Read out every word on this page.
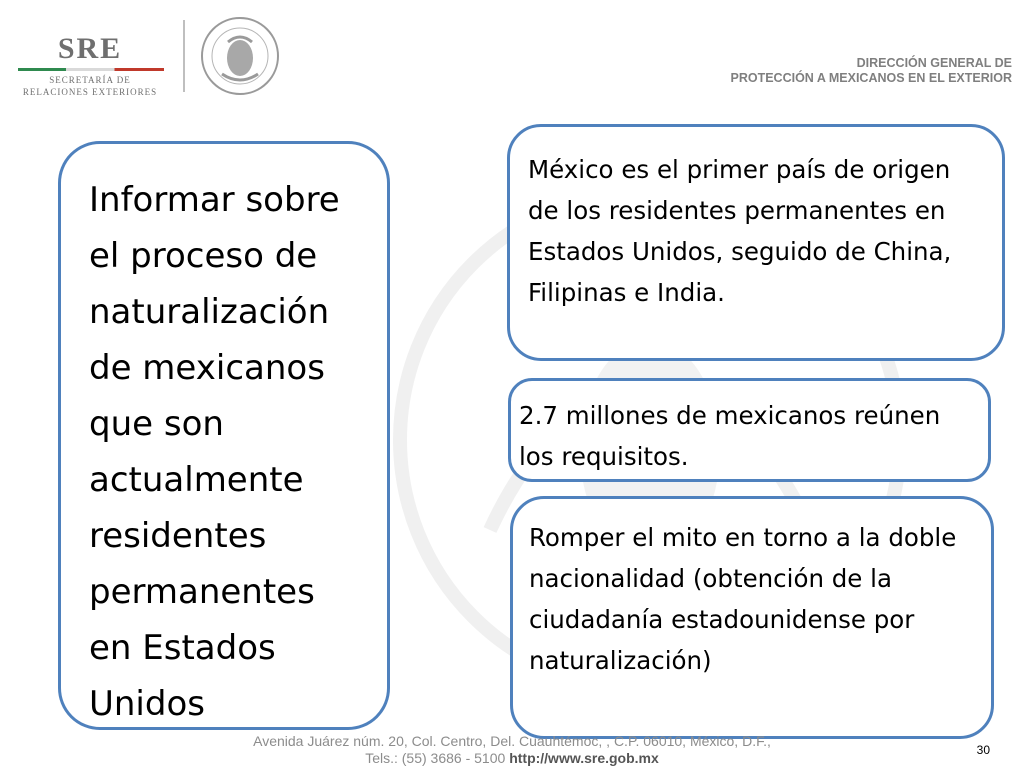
SRE
SECRETARÍA DE
RELACIONES EXTERIORES
DIRECCIÓN GENERAL DE
PROTECCIÓN A MEXICANOS EN EL EXTERIOR
Informar sobre el proceso de naturalización de mexicanos que son actualmente residentes permanentes en Estados Unidos
México es el primer país de origen de los residentes permanentes en Estados Unidos, seguido de China, Filipinas e India.
2.7 millones de mexicanos reúnen los requisitos.
Romper el mito en torno a la doble nacionalidad (obtención de la ciudadanía estadounidense por naturalización)
Avenida Juárez núm. 20, Col. Centro, Del. Cuauhtémoc, , C.P. 06010, México, D.F.,
Tels.: (55) 3686 - 5100 http://www.sre.gob.mx	30
